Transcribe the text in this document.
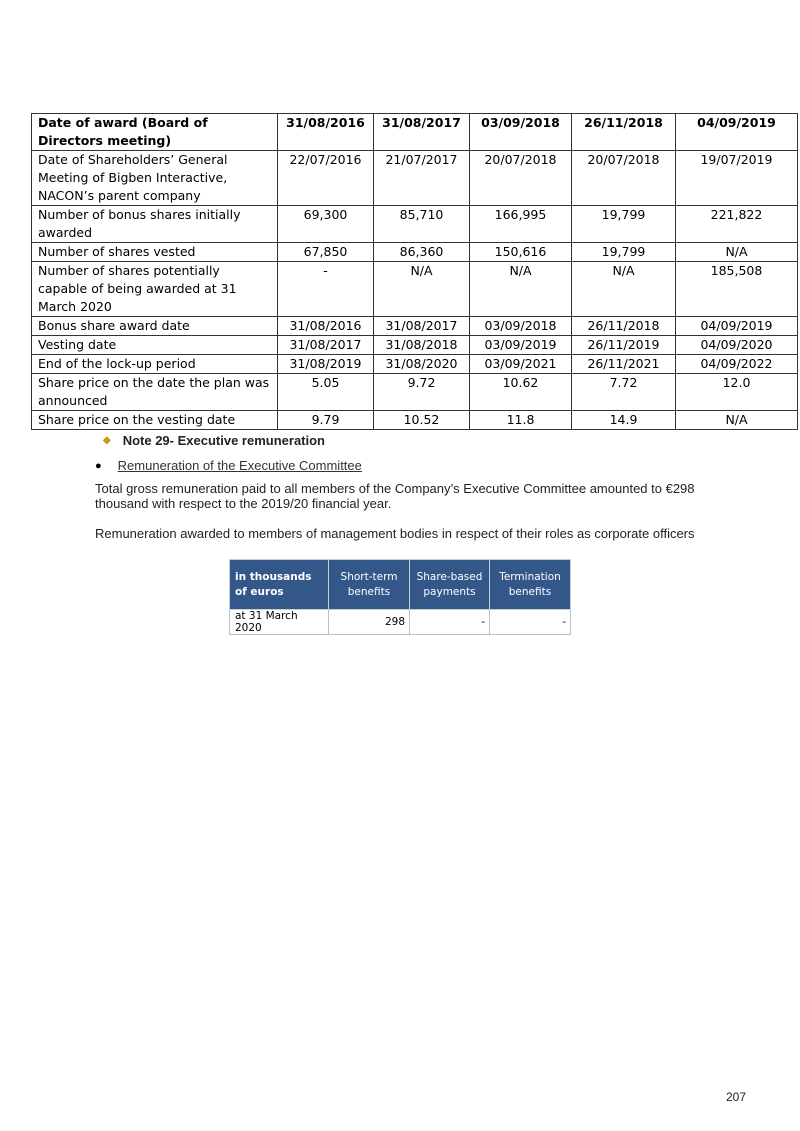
Date of award (Board of Directors meeting)	31/08/2016	31/08/2017	03/09/2018	26/11/2018	04/09/2019
Date of Shareholders’ General Meeting of Bigben Interactive, NACON’s parent company	22/07/2016	21/07/2017	20/07/2018	20/07/2018	19/07/2019
Number of bonus shares initially awarded	69,300	85,710	166,995	19,799	221,822
Number of shares vested	67,850	86,360	150,616	19,799	N/A
Number of shares potentially capable of being awarded at 31 March 2020	-	N/A	N/A	N/A	185,508
Bonus share award date	31/08/2016	31/08/2017	03/09/2018	26/11/2018	04/09/2019
Vesting date	31/08/2017	31/08/2018	03/09/2019	26/11/2019	04/09/2020
End of the lock-up period	31/08/2019	31/08/2020	03/09/2021	26/11/2021	04/09/2022
Share price on the date the plan was announced	5.05	9.72	10.62	7.72	12.0
Share price on the vesting date	9.79	10.52	11.8	14.9	N/A
◆ Note 29- Executive remuneration
● Remuneration of the Executive Committee

Total gross remuneration paid to all members of the Company’s Executive Committee amounted to €298 thousand with respect to the 2019/20 financial year.

Remuneration awarded to members of management bodies in respect of their roles as corporate officers

in thousands of euros	Short-term benefits	Share-based payments	Termination benefits
at 31 March 2020	298	-	-
207
